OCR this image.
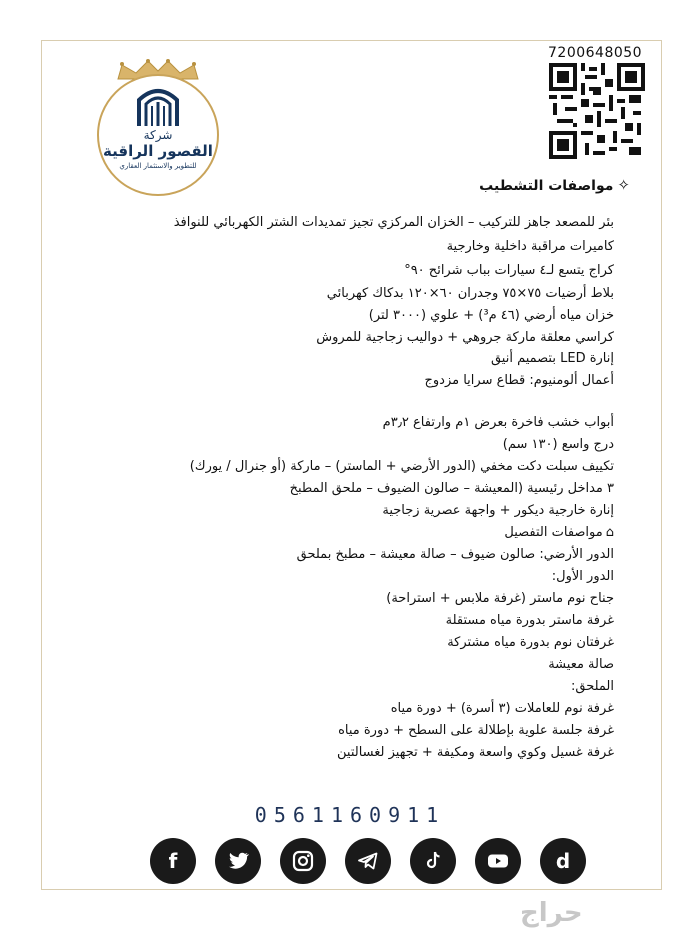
شركة
القصور الراقية
للتطوير والاستثمار العقاري
7200648050
✧مواصفات التشطيب
بئر للمصعد جاهز للتركيب – الخزان المركزي تجيز تمديدات الشتر الكهربائي للنوافذ
كاميرات مراقبة داخلية وخارجية
كراج يتسع لـ٤ سيارات بباب شرائح ٩٠°
بلاط أرضيات ٧٥×٧٥ وجدران ٦٠×١٢٠ بدكاك كهربائي
خزان مياه أرضي (٤٦ م³) + علوي (٣٠٠٠ لتر)
كراسي معلقة ماركة جروهي + دواليب زجاجية للمروش
إنارة LED بتصميم أنيق
أعمال ألومنيوم: قطاع سرايا مزدوج
أبواب خشب فاخرة بعرض ١م وارتفاع ٣٫٢م
درج واسع (١٣٠ سم)
تكييف سبلت دكت مخفي (الدور الأرضي + الماستر) – ماركة (أو جنرال / يورك)
٣ مداخل رئيسية (المعيشة – صالون الضيوف – ملحق المطبخ
إنارة خارجية ديكور + واجهة عصرية زجاجية
⌂مواصفات التفصيل
الدور الأرضي: صالون ضيوف – صالة معيشة – مطبخ بملحق
الدور الأول:
جناح نوم ماستر (غرفة ملابس + استراحة)
غرفة ماستر بدورة مياه مستقلة
غرفتان نوم بدورة مياه مشتركة
صالة معيشة
الملحق:
غرفة نوم للعاملات (٣ أسرة) + دورة مياه
غرفة جلسة علوية بإطلالة على السطح + دورة مياه
غرفة غسيل وكوي واسعة ومكيفة + تجهيز لغسالتين
0561160911
f	d
حراج
